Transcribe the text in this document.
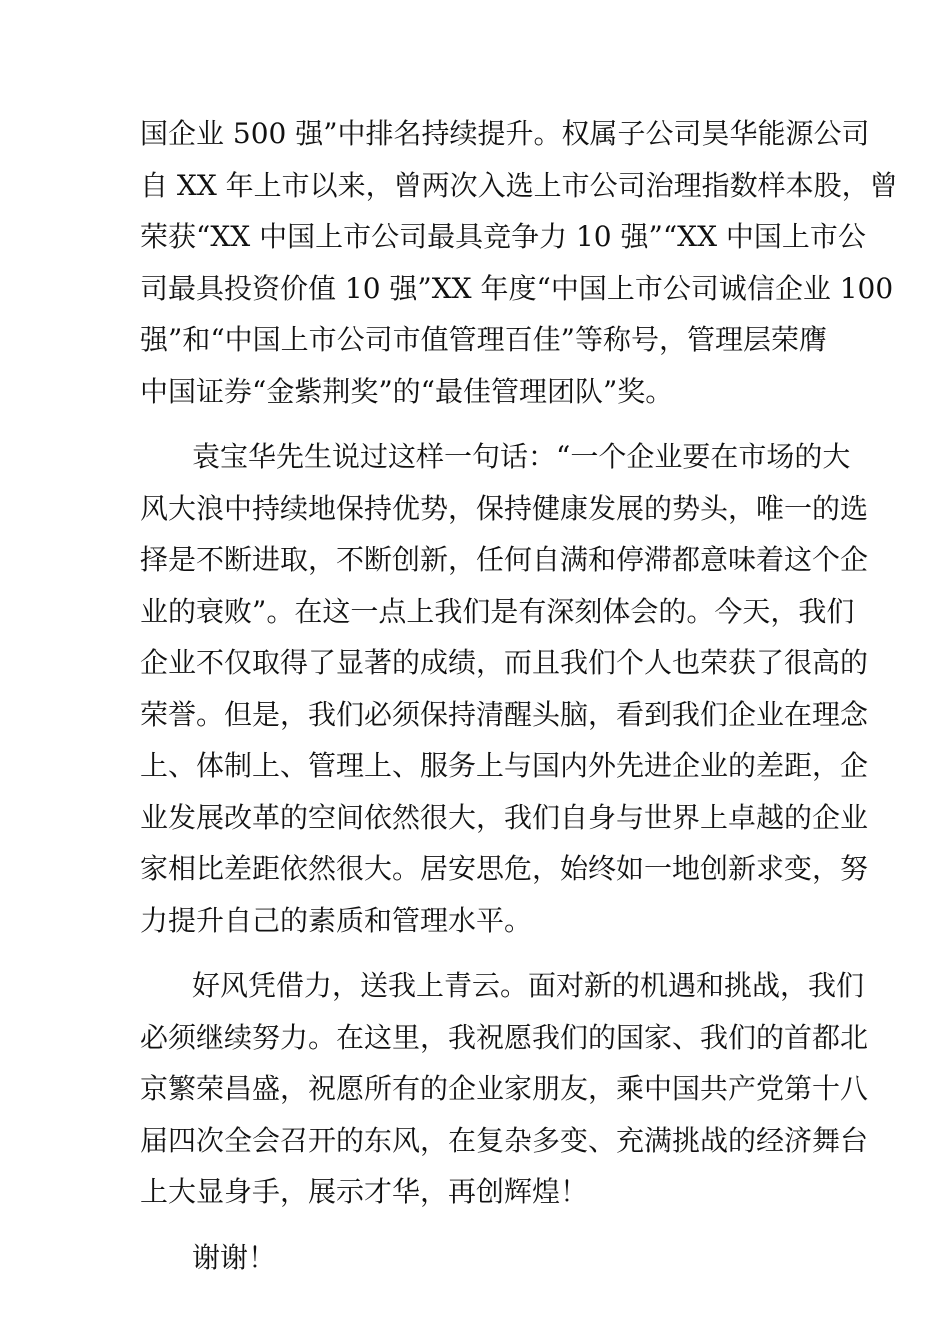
国企业 500 强”中排名持续提升。权属子公司昊华能源公司
自 XX 年上市以来，曾两次入选上市公司治理指数样本股，曾
荣获“XX 中国上市公司最具竞争力 10 强”“XX 中国上市公
司最具投资价值 10 强”XX 年度“中国上市公司诚信企业 100
强”和“中国上市公司市值管理百佳”等称号，管理层荣膺
中国证券“金紫荆奖”的“最佳管理团队”奖。
袁宝华先生说过这样一句话：“一个企业要在市场的大
风大浪中持续地保持优势，保持健康发展的势头，唯一的选
择是不断进取，不断创新，任何自满和停滞都意味着这个企
业的衰败”。在这一点上我们是有深刻体会的。今天，我们
企业不仅取得了显著的成绩，而且我们个人也荣获了很高的
荣誉。但是，我们必须保持清醒头脑，看到我们企业在理念
上、体制上、管理上、服务上与国内外先进企业的差距，企
业发展改革的空间依然很大，我们自身与世界上卓越的企业
家相比差距依然很大。居安思危，始终如一地创新求变，努
力提升自己的素质和管理水平。
好风凭借力，送我上青云。面对新的机遇和挑战，我们
必须继续努力。在这里，我祝愿我们的国家、我们的首都北
京繁荣昌盛，祝愿所有的企业家朋友，乘中国共产党第十八
届四次全会召开的东风，在复杂多变、充满挑战的经济舞台
上大显身手，展示才华，再创辉煌！
谢谢！
